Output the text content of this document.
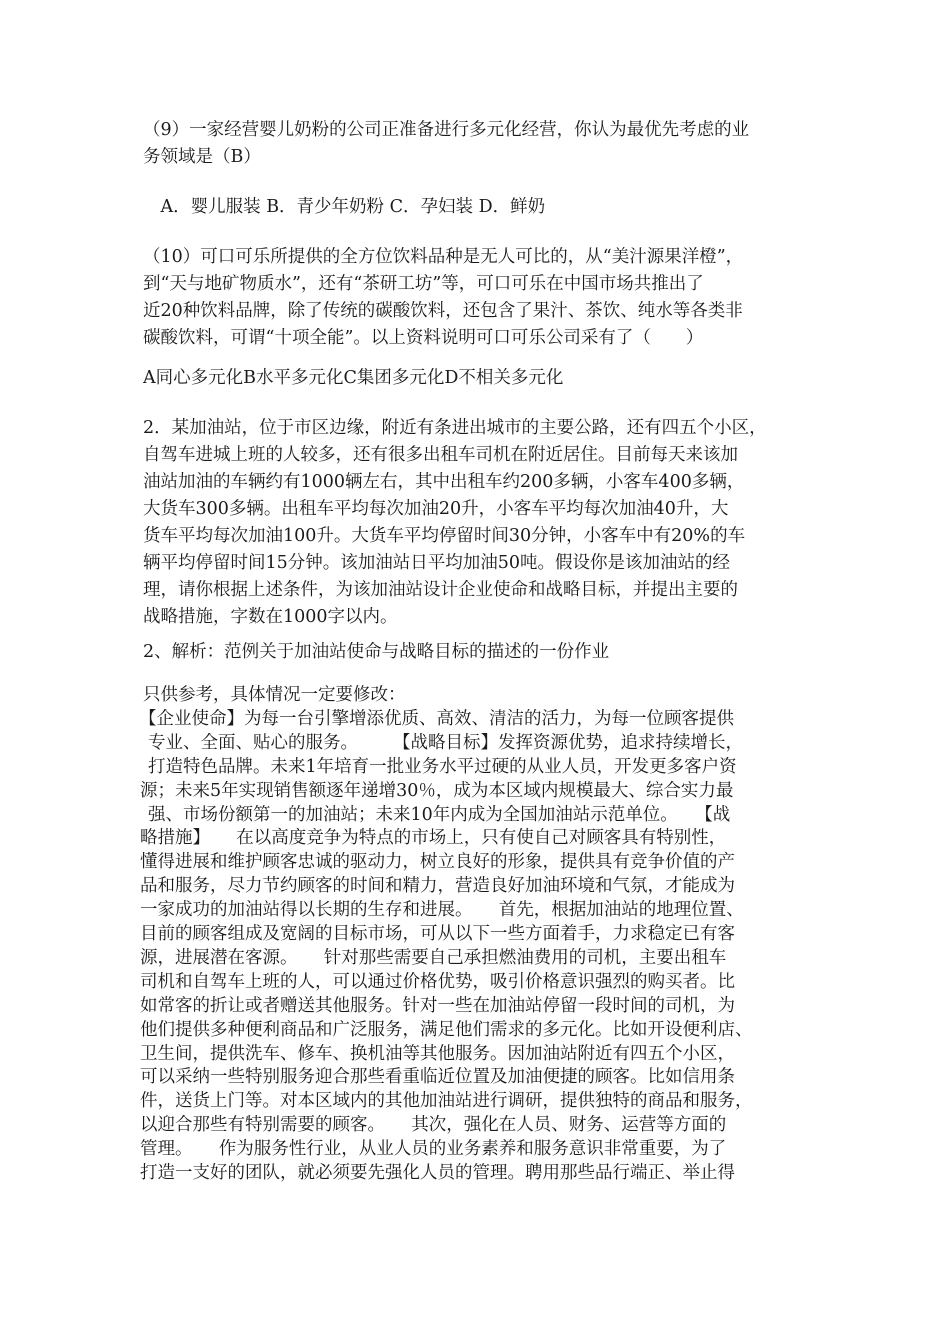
（9）一家经营婴儿奶粉的公司正准备进行多元化经营，你认为最优先考虑的业
务领域是（B）
　A．婴儿服装 B．青少年奶粉 C．孕妇装 D．鲜奶
（10）可口可乐所提供的全方位饮料品种是无人可比的，从“美汁源果洋橙”，
到“天与地矿物质水”，还有“茶研工坊”等，可口可乐在中国市场共推出了
近20种饮料品牌，除了传统的碳酸饮料，还包含了果汁、茶饮、纯水等各类非
碳酸饮料，可谓“十项全能”。以上资料说明可口可乐公司采有了（　　）
A同心多元化B水平多元化C集团多元化D不相关多元化
2．某加油站，位于市区边缘，附近有条进出城市的主要公路，还有四五个小区，
自驾车进城上班的人较多，还有很多出租车司机在附近居住。目前每天来该加
油站加油的车辆约有1000辆左右，其中出租车约200多辆，小客车400多辆，
大货车300多辆。出租车平均每次加油20升，小客车平均每次加油40升，大
货车平均每次加油100升。大货车平均停留时间30分钟，小客车中有20%的车
辆平均停留时间15分钟。该加油站日平均加油50吨。假设你是该加油站的经
理，请你根据上述条件，为该加油站设计企业使命和战略目标，并提出主要的
战略措施，字数在1000字以内。
2、解析：范例关于加油站使命与战略目标的描述的一份作业
只供参考，具体情况一定要修改：
【企业使命】为每一台引擎增添优质、高效、清洁的活力，为每一位顾客提供
专业、全面、贴心的服务。　　　【战略目标】发挥资源优势，追求持续增长，
打造特色品牌。未来1年培育一批业务水平过硬的从业人员，开发更多客户资
源；未来5年实现销售额逐年递增30％，成为本区域内规模最大、综合实力最
强、市场份额第一的加油站；未来10年内成为全国加油站示范单位。　　【战
略措施】　　在以高度竞争为特点的市场上，只有使自己对顾客具有特别性，
懂得进展和维护顾客忠诚的驱动力，树立良好的形象，提供具有竞争价值的产
品和服务，尽力节约顾客的时间和精力，营造良好加油环境和气氛，才能成为
一家成功的加油站得以长期的生存和进展。　　首先，根据加油站的地理位置、
目前的顾客组成及宽阔的目标市场，可从以下一些方面着手，力求稳定已有客
源，进展潜在客源。　　针对那些需要自己承担燃油费用的司机，主要出租车
司机和自驾车上班的人，可以通过价格优势，吸引价格意识强烈的购买者。比
如常客的折让或者赠送其他服务。针对一些在加油站停留一段时间的司机，为
他们提供多种便利商品和广泛服务，满足他们需求的多元化。比如开设便利店、
卫生间，提供洗车、修车、换机油等其他服务。因加油站附近有四五个小区，
可以采纳一些特别服务迎合那些看重临近位置及加油便捷的顾客。比如信用条
件，送货上门等。对本区域内的其他加油站进行调研，提供独特的商品和服务，
以迎合那些有特别需要的顾客。　　其次，强化在人员、财务、运营等方面的
管理。　　作为服务性行业，从业人员的业务素养和服务意识非常重要，为了
打造一支好的团队，就必须要先强化人员的管理。聘用那些品行端正、举止得
